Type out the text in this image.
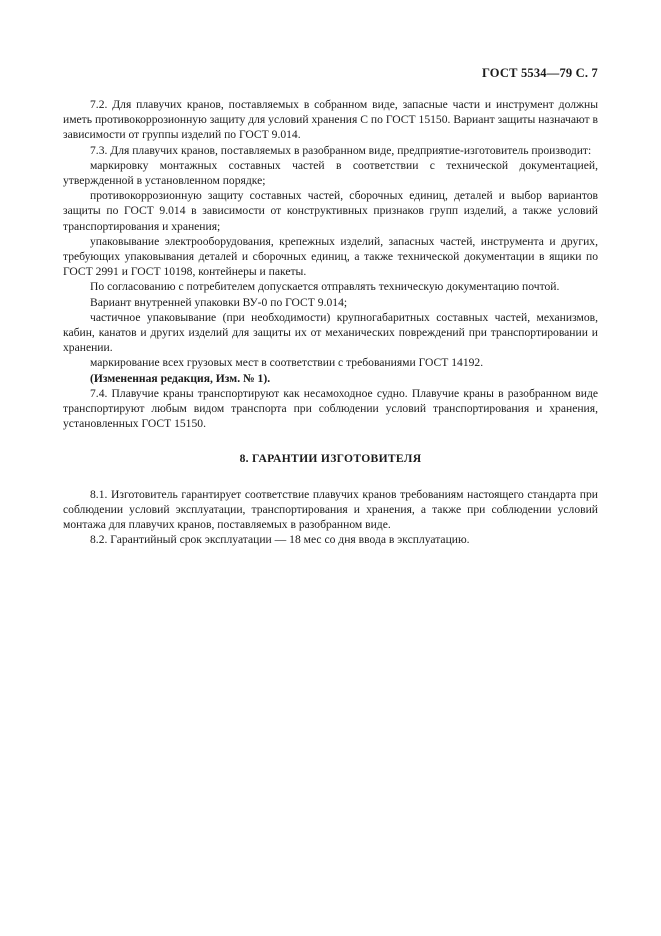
ГОСТ 5534—79 С. 7

7.2. Для плавучих кранов, поставляемых в собранном виде, запасные части и инструмент должны иметь противокоррозионную защиту для условий хранения С по ГОСТ 15150. Вариант защиты назначают в зависимости от группы изделий по ГОСТ 9.014.

7.3. Для плавучих кранов, поставляемых в разобранном виде, предприятие-изготовитель производит:

маркировку монтажных составных частей в соответствии с технической документацией, утвержденной в установленном порядке;

противокоррозионную защиту составных частей, сборочных единиц, деталей и выбор вариантов защиты по ГОСТ 9.014 в зависимости от конструктивных признаков групп изделий, а также условий транспортирования и хранения;

упаковывание электрооборудования, крепежных изделий, запасных частей, инструмента и других, требующих упаковывания деталей и сборочных единиц, а также технической документации в ящики по ГОСТ 2991 и ГОСТ 10198, контейнеры и пакеты.

По согласованию с потребителем допускается отправлять техническую документацию почтой.

Вариант внутренней упаковки ВУ-0 по ГОСТ 9.014;

частичное упаковывание (при необходимости) крупногабаритных составных частей, механизмов, кабин, канатов и других изделий для защиты их от механических повреждений при транспортировании и хранении.

маркирование всех грузовых мест в соответствии с требованиями ГОСТ 14192.

(Измененная редакция, Изм. № 1).

7.4. Плавучие краны транспортируют как несамоходное судно. Плавучие краны в разобранном виде транспортируют любым видом транспорта при соблюдении условий транспортирования и хранения, установленных ГОСТ 15150.

8. ГАРАНТИИ ИЗГОТОВИТЕЛЯ

8.1. Изготовитель гарантирует соответствие плавучих кранов требованиям настоящего стандарта при соблюдении условий эксплуатации, транспортирования и хранения, а также при соблюдении условий монтажа для плавучих кранов, поставляемых в разобранном виде.

8.2. Гарантийный срок эксплуатации — 18 мес со дня ввода в эксплуатацию.
